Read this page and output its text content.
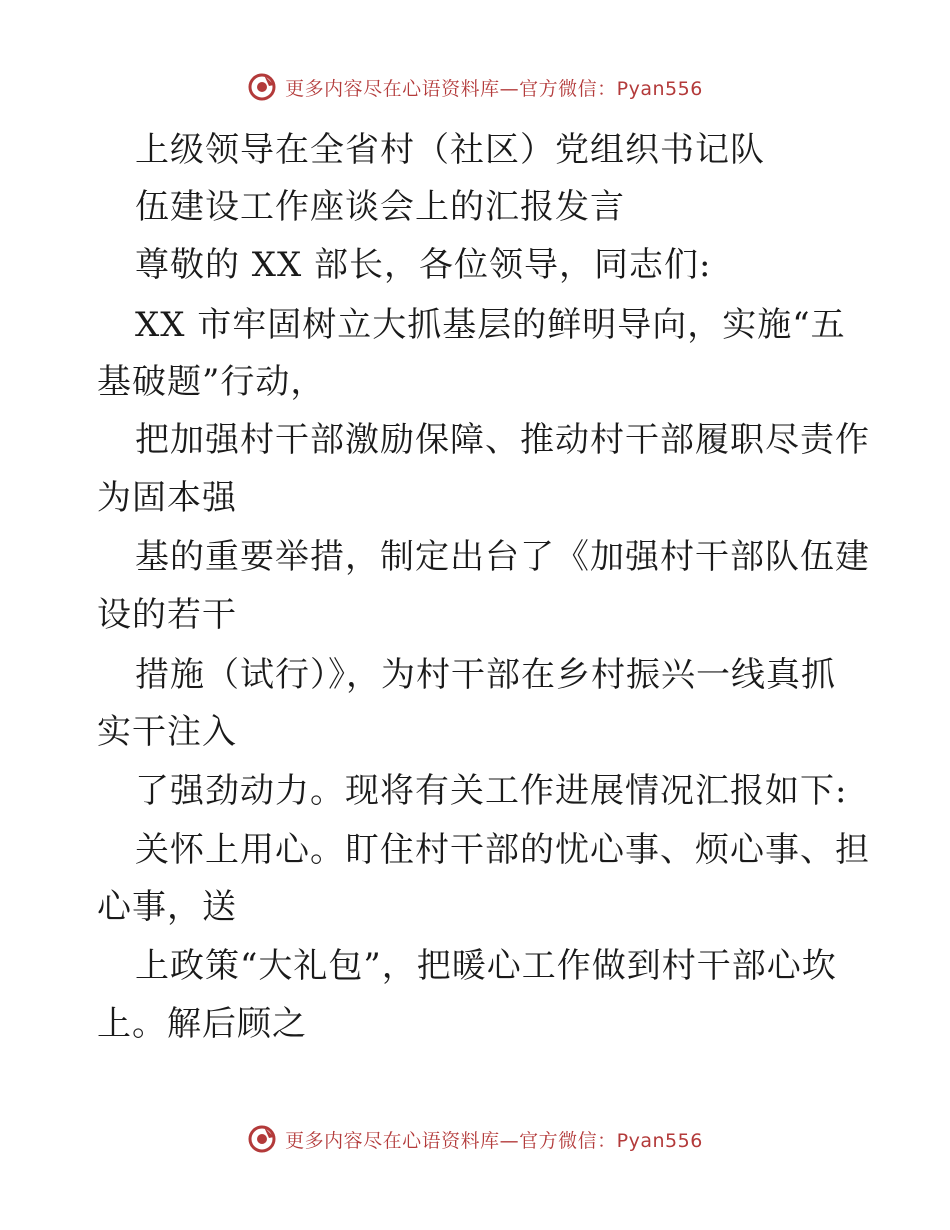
更多内容尽在心语资料库—官方微信：Pyan556
上级领导在全省村（社区）党组织书记队
伍建设工作座谈会上的汇报发言
尊敬的 XX 部长，各位领导，同志们:
XX 市牢固树立大抓基层的鲜明导向，实施“五
基破题”行动，
把加强村干部激励保障、推动村干部履职尽责作
为固本强
基的重要举措，制定出台了《加强村干部队伍建
设的若干
措施（试行）》，为村干部在乡村振兴一线真抓
实干注入
了强劲动力。现将有关工作进展情况汇报如下:
关怀上用心。盯住村干部的忧心事、烦心事、担
心事，送
上政策“大礼包”，把暖心工作做到村干部心坎
上。解后顾之
更多内容尽在心语资料库—官方微信：Pyan556
